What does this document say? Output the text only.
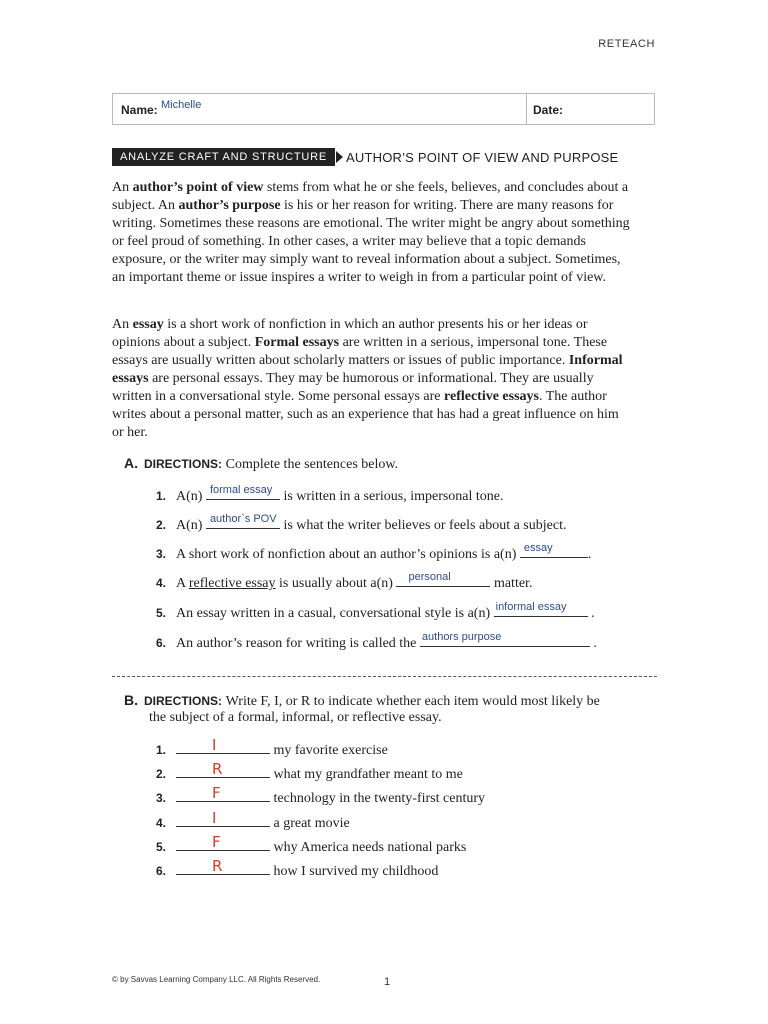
RETEACH
Name: Michelle	Date:
ANALYZE CRAFT AND STRUCTURE	AUTHOR’S POINT OF VIEW AND PURPOSE

An author’s point of view stems from what he or she feels, believes, and concludes about a subject. An author’s purpose is his or her reason for writing. There are many reasons for writing. Sometimes these reasons are emotional. The writer might be angry about something or feel proud of something. In other cases, a writer may believe that a topic demands exposure, or the writer may simply want to reveal information about a subject. Sometimes, an important theme or issue inspires a writer to weigh in from a particular point of view.

An essay is a short work of nonfiction in which an author presents his or her ideas or opinions about a subject. Formal essays are written in a serious, impersonal tone. These essays are usually written about scholarly matters or issues of public importance. Informal essays are personal essays. They may be humorous or informational. They are usually written in a conversational style. Some personal essays are reflective essays. The author writes about a personal matter, such as an experience that has had a great influence on him or her.

A. DIRECTIONS: Complete the sentences below.
1. A(n) formal essay is written in a serious, impersonal tone.
2. A(n) author`s POV is what the writer believes or feels about a subject.
3. A short work of nonfiction about an author’s opinions is a(n) essay	.
4. A reflective essay is usually about a(n) personal	matter.
5. An essay written in a casual, conversational style is a(n) informal essay .
6. An author’s reason for writing is called the authors purpose	.
B. DIRECTIONS: Write F, I, or R to indicate whether each item would most likely be
the subject of a formal, informal, or reflective essay.
1.	I	my favorite exercise
2.	R	what my grandfather meant to me
3.	F	technology in the twenty-first century
4.	I	a great movie
5.	F	why America needs national parks
6.	R	how I survived my childhood
© by Savvas Learning Company LLC. All Rights Reserved.	1
